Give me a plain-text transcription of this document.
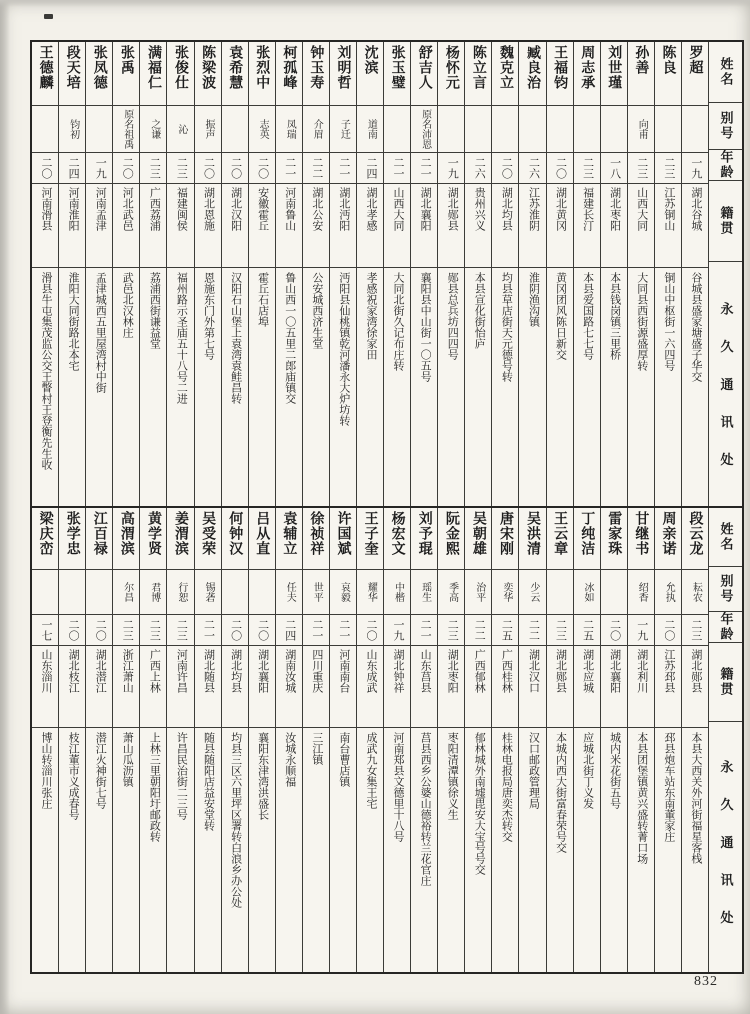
姓名
别号
年龄
籍贯
永久通讯处
罗超
一九
湖北谷城
谷城县盛家塘盛子华交
陈良
二三
江苏铜山
铜山中枢街一六四号
孙善
向甫
二三
山西大同
大同县西街源盛厚转
刘世瑾
一八
湖北枣阳
本县钱岗镇三里桥
周志承
二三
福建长汀
本县爱国路七七号
王福钧
二〇
湖北黄冈
黄冈团风陈日新交
臧良治
二六
江苏淮阴
淮阴渔沟镇
魏克立
二〇
湖北均县
均县草店街天元德号转
陈立言
二六
贵州兴义
本县宣化街怡庐
杨怀元
一九
湖北郧县
郧县总兵坊四四号
舒吉人
原名沛恩
二一
湖北襄阳
襄阳县中山街一〇五号
张玉璧
二一
山西大同
大同北街久记布庄转
沈滨
道南
二四
湖北孝感
孝感祝家湾徐家田
刘明哲
子迁
二一
湖北沔阳
沔阳县仙桃镇乾河潘永大炉坊转
钟玉寿
介眉
二二
湖北公安
公安城西济生堂
柯孤峰
凤瑞
二一
河南鲁山
鲁山西一〇五里二郎庙镇交
张烈中
志英
二〇
安徽霍丘
霍丘石店埠
袁希慧
二〇
湖北汉阳
汉阳石山堡上袁湾袁鲑昌转
陈梁波
振声
二〇
湖北恩施
恩施东门外第七号
张俊仕
沁
二三
福建闽侯
福州路示圣庙五十八号二进
满福仁
之谦
二三
广西荔浦
荔浦西街谦益堂
张禹
原名祖禹
二〇
河北武邑
武邑北汉林庄
张凤德
一九
河南孟津
孟津城西五里屋湾村中街
段天培
钧初
二四
河南淮阳
淮阳大同街路北本宅
王德麟
二〇
河南滑县
滑县牛屯集茂监公交王瞥村王登衡先生收
姓名
别号
年龄
籍贯
永久通讯处
段云龙
耘农
二三
湖北郧县
本县大西关外河街福星客栈
周亲诺
允执
二〇
江苏邳县
邳县炮车站东南董家庄
甘继书
绍香
一九
湖北利川
本县团堡镇黄兴盛转菁口场
雷家珠
二〇
湖北襄阳
城内米花街五号
丁纯洁
冰如
二五
湖北应城
应城北街丁义发
王云章
二三
湖北郧县
本城内西大街富春荣号交
吴洪清
少云
二二
湖北汉口
汉口邮政管理局
唐宋刚
奕华
二五
广西桂林
桂林电报局唐奕杰转交
吴朝雄
治平
二二
广西郁林
郁林城外南墟毘安大宝号号交
阮金熙
季高
二三
湖北枣阳
枣阳清潭镇徐义生
刘予琨
瑶生
二一
山东莒县
莒县西乡公婆山德裕转兰花官庄
杨宏文
中楷
一九
湖北钟祥
河南郑县文德里十八号
王子奎
耀华
二〇
山东成武
成武九女集王宅
许国斌
哀毅
二一
河南南台
南台曹店镇
徐祯祥
世平
二一
四川重庆
三江镇
袁辅立
任夫
二四
湖南汝城
汝城永顺福
吕从直
二〇
湖北襄阳
襄阳东津湾洪盛长
何钟汉
二〇
湖北均县
均县三区六里坪区署转白浪乡办公处
吴受荣
锡砻
二一
湖北随县
随县随阳店益安堂转
姜渭滨
行恕
二三
河南许昌
许昌民治街二三号
黄学贤
君博
二三
广西上林
上林三里朝阳圩邮政转
高渭滨
尔昌
二三
浙江萧山
萧山瓜沥镇
江百禄
二〇
湖北潜江
潜江火神街七号
张学忠
二〇
湖北枝江
枝江董市义成春号
梁庆峦
一七
山东淄川
博山转淄川张庄
832
